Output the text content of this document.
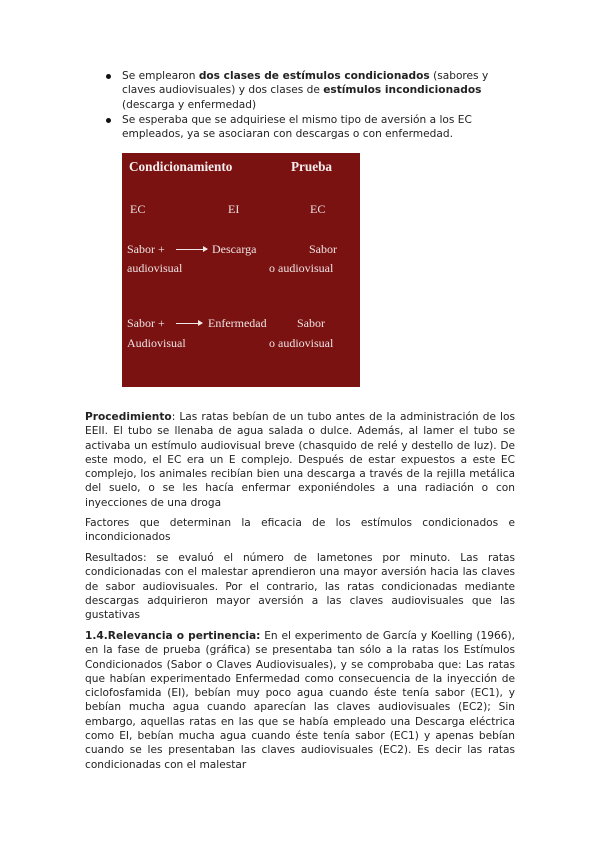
Se emplearon dos clases de estímulos condicionados (sabores y claves audiovisuales) y dos clases de estímulos incondicionados (descarga y enfermedad)
Se esperaba que se adquiriese el mismo tipo de aversión a los EC empleados, ya se asociaran con descargas o con enfermedad.
Condicionamiento	Prueba
EC	EI	EC
Sabor +	Descarga	Sabor
audiovisual	o audiovisual
Sabor +	Enfermedad	Sabor
Audiovisual	o audiovisual

Procedimiento: Las ratas bebían de un tubo antes de la administración de los EEII. El tubo se llenaba de agua salada o dulce. Además, al lamer el tubo se activaba un estímulo audiovisual breve (chasquido de relé y destello de luz). De este modo, el EC era un E complejo. Después de estar expuestos a este EC complejo, los animales recibían bien una descarga a través de la rejilla metálica del suelo, o se les hacía enfermar exponiéndoles a una radiación o con inyecciones de una droga

Factores que determinan la eficacia de los estímulos condicionados e incondicionados

Resultados: se evaluó el número de lametones por minuto. Las ratas condicionadas con el malestar aprendieron una mayor aversión hacia las claves de sabor audiovisuales. Por el contrario, las ratas condicionadas mediante descargas adquirieron mayor aversión a las claves audiovisuales que las gustativas

1.4.Relevancia o pertinencia: En el experimento de García y Koelling (1966), en la fase de prueba (gráfica) se presentaba tan sólo a la ratas los Estímulos Condicionados (Sabor o Claves Audiovisuales), y se comprobaba que: Las ratas que habían experimentado Enfermedad como consecuencia de la inyección de ciclofosfamida (EI), bebían muy poco agua cuando éste tenía sabor (EC1), y bebían mucha agua cuando aparecían las claves audiovisuales (EC2); Sin embargo, aquellas ratas en las que se había empleado una Descarga eléctrica como EI, bebían mucha agua cuando éste tenía sabor (EC1) y apenas bebían cuando se les presentaban las claves audiovisuales (EC2). Es decir las ratas condicionadas con el malestar
